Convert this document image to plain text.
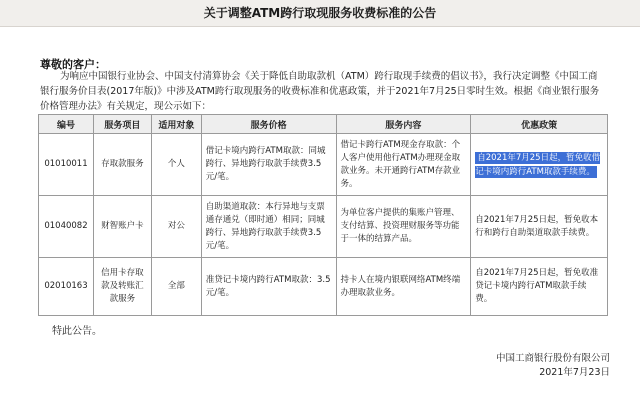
关于调整ATM跨行取现服务收费标准的公告
尊敬的客户：
为响应中国银行业协会、中国支付清算协会《关于降低自助取款机（ATM）跨行取现手续费的倡议书》，我行决定调整《中国工商银行服务价目表(2017年版)》中涉及ATM跨行取现服务的收费标准和优惠政策，并于2021年7月25日零时生效。根据《商业银行服务价格管理办法》有关规定，现公示如下：
编号	服务项目	适用对象	服务价格	服务内容	优惠政策
01010011	存取款服务	个人	借记卡境内跨行ATM取款：同城跨行、异地跨行取款手续费3.5元/笔。	借记卡跨行ATM现金存取款：个人客户使用他行ATM办理现金取款业务。未开通跨行ATM存款业务。	自2021年7月25日起，暂免收借记卡境内跨行ATM取款手续费。
01040082	财智账户卡	对公	自助渠道取款：本行异地与支票通存通兑（即时通）相同；同城跨行、异地跨行取款手续费3.5元/笔。	为单位客户提供的集账户管理、支付结算、投资理财服务等功能于一体的结算产品。	自2021年7月25日起，暂免收本行和跨行自助渠道取款手续费。
02010163	信用卡存取款及转账汇款服务	全部	准贷记卡境内跨行ATM取款：3.5元/笔。	持卡人在境内银联网络ATM终端办理取款业务。	自2021年7月25日起，暂免收准贷记卡境内跨行ATM取款手续费。
特此公告。
中国工商银行股份有限公司
2021年7月23日
